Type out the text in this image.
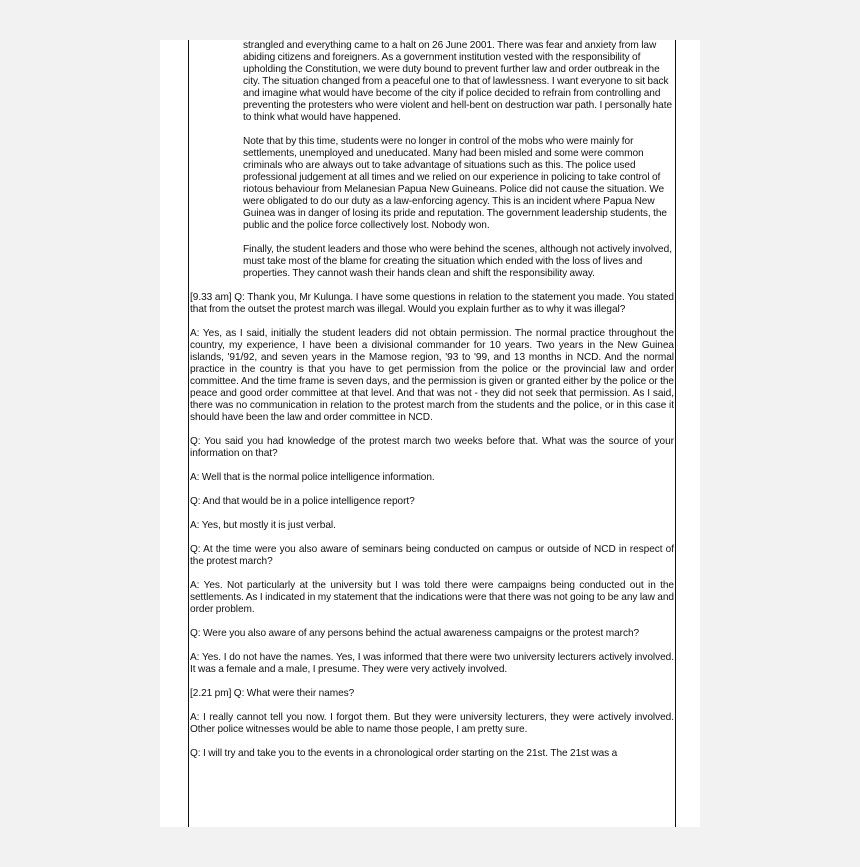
strangled and everything came to a halt on 26 June 2001. There was fear and anxiety from law abiding citizens and foreigners. As a government institution vested with the responsibility of upholding the Constitution, we were duty bound to prevent further law and order outbreak in the city. The situation changed from a peaceful one to that of lawlessness. I want everyone to sit back and imagine what would have become of the city if police decided to refrain from controlling and preventing the protesters who were violent and hell-bent on destruction war path. I personally hate to think what would have happened.

Note that by this time, students were no longer in control of the mobs who were mainly for settlements, unemployed and uneducated. Many had been misled and some were common criminals who are always out to take advantage of situations such as this. The police used professional judgement at all times and we relied on our experience in policing to take control of riotous behaviour from Melanesian Papua New Guineans. Police did not cause the situation. We were obligated to do our duty as a law-enforcing agency. This is an incident where Papua New Guinea was in danger of losing its pride and reputation. The government leadership students, the public and the police force collectively lost. Nobody won.

Finally, the student leaders and those who were behind the scenes, although not actively involved, must take most of the blame for creating the situation which ended with the loss of lives and properties. They cannot wash their hands clean and shift the responsibility away.

[9.33 am] Q: Thank you, Mr Kulunga. I have some questions in relation to the statement you made. You stated that from the outset the protest march was illegal. Would you explain further as to why it was illegal?

A: Yes, as I said, initially the student leaders did not obtain permission. The normal practice throughout the country, my experience, I have been a divisional commander for 10 years. Two years in the New Guinea islands, '91/92, and seven years in the Mamose region, '93 to '99, and 13 months in NCD. And the normal practice in the country is that you have to get permission from the police or the provincial law and order committee. And the time frame is seven days, and the permission is given or granted either by the police or the peace and good order committee at that level. And that was not - they did not seek that permission. As I said, there was no communication in relation to the protest march from the students and the police, or in this case it should have been the law and order committee in NCD.

Q: You said you had knowledge of the protest march two weeks before that. What was the source of your information on that?

A: Well that is the normal police intelligence information.

Q: And that would be in a police intelligence report?

A: Yes, but mostly it is just verbal.

Q: At the time were you also aware of seminars being conducted on campus or outside of NCD in respect of the protest march?

A: Yes. Not particularly at the university but I was told there were campaigns being conducted out in the settlements. As I indicated in my statement that the indications were that there was not going to be any law and order problem.

Q: Were you also aware of any persons behind the actual awareness campaigns or the protest march?

A: Yes. I do not have the names. Yes, I was informed that there were two university lecturers actively involved. It was a female and a male, I presume. They were very actively involved.

[2.21 pm] Q: What were their names?

A: I really cannot tell you now. I forgot them. But they were university lecturers, they were actively involved. Other police witnesses would be able to name those people, I am pretty sure.

Q: I will try and take you to the events in a chronological order starting on the 21st. The 21st was a
